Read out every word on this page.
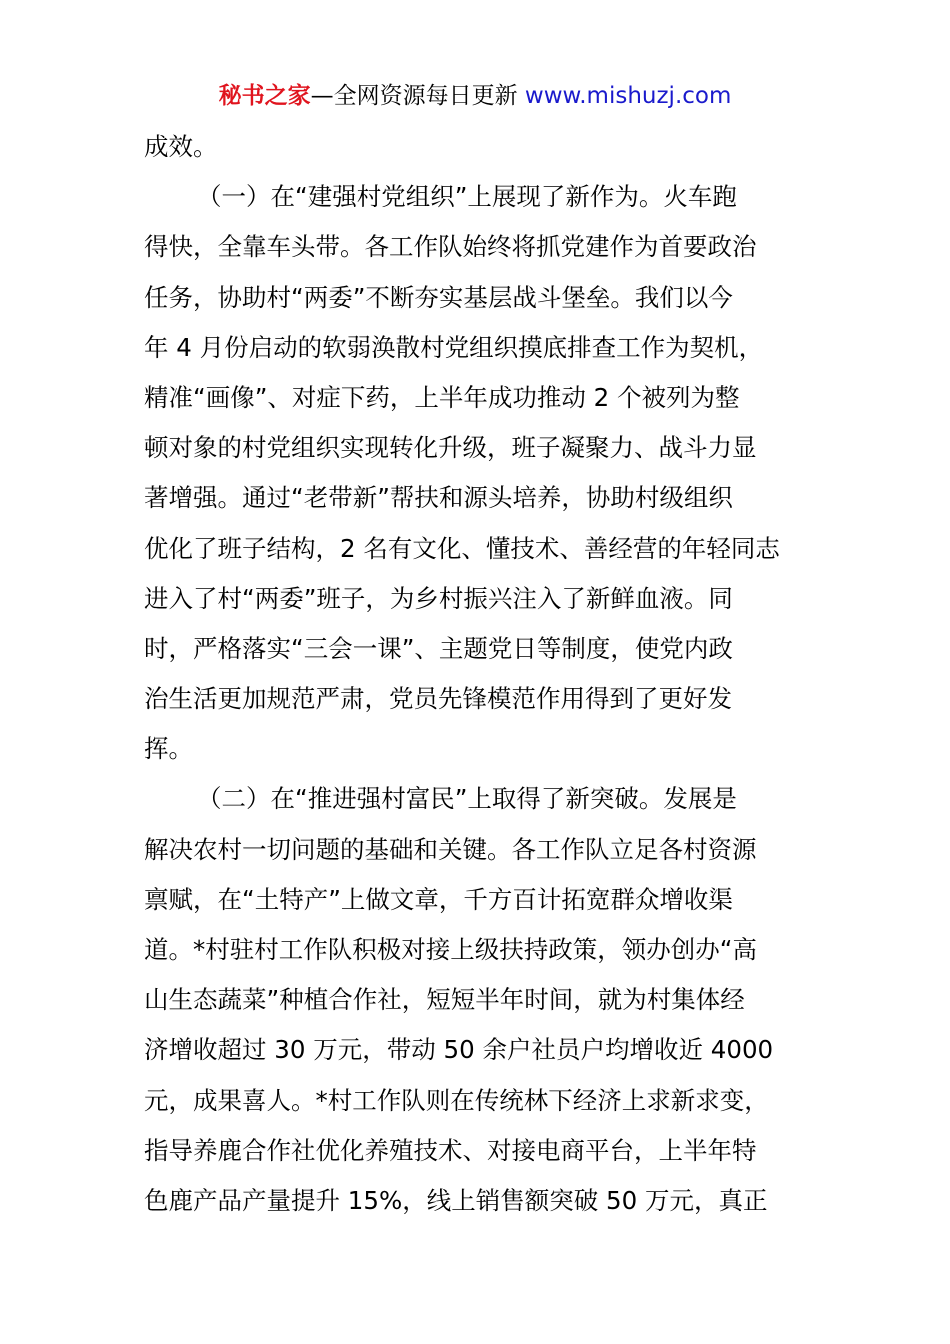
秘书之家—全网资源每日更新 www.mishuzj.com
成效。
（一）在“建强村党组织”上展现了新作为。火车跑
得快，全靠车头带。各工作队始终将抓党建作为首要政治
任务，协助村“两委”不断夯实基层战斗堡垒。我们以今
年 4 月份启动的软弱涣散村党组织摸底排查工作为契机，
精准“画像”、对症下药，上半年成功推动 2 个被列为整
顿对象的村党组织实现转化升级，班子凝聚力、战斗力显
著增强。通过“老带新”帮扶和源头培养，协助村级组织
优化了班子结构，2 名有文化、懂技术、善经营的年轻同志
进入了村“两委”班子，为乡村振兴注入了新鲜血液。同
时，严格落实“三会一课”、主题党日等制度，使党内政
治生活更加规范严肃，党员先锋模范作用得到了更好发
挥。
（二）在“推进强村富民”上取得了新突破。发展是
解决农村一切问题的基础和关键。各工作队立足各村资源
禀赋，在“土特产”上做文章，千方百计拓宽群众增收渠
道。*村驻村工作队积极对接上级扶持政策，领办创办“高
山生态蔬菜”种植合作社，短短半年时间，就为村集体经
济增收超过 30 万元，带动 50 余户社员户均增收近 4000
元，成果喜人。*村工作队则在传统林下经济上求新求变，
指导养鹿合作社优化养殖技术、对接电商平台，上半年特
色鹿产品产量提升 15%，线上销售额突破 50 万元，真正
